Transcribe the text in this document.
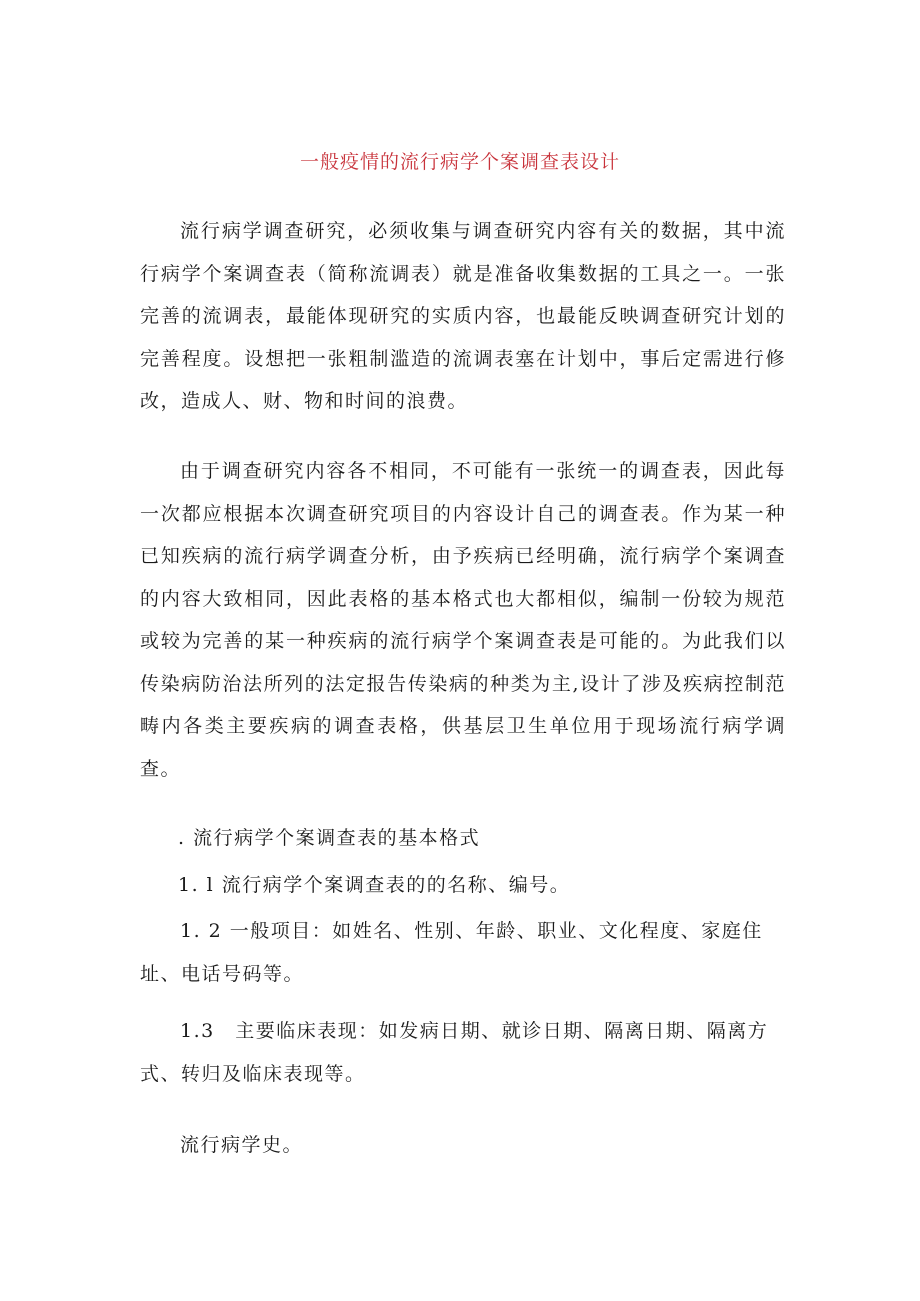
一般疫情的流行病学个案调查表设计

流行病学调查研究，必须收集与调查研究内容有关的数据，其中流行病学个案调查表（简称流调表）就是准备收集数据的工具之一。一张完善的流调表，最能体现研究的实质内容，也最能反映调查研究计划的完善程度。设想把一张粗制滥造的流调表塞在计划中，事后定需进行修改，造成人、财、物和时间的浪费。

由于调查研究内容各不相同，不可能有一张统一的调查表，因此每一次都应根据本次调查研究项目的内容设计自己的调查表。作为某一种已知疾病的流行病学调查分析，由予疾病已经明确，流行病学个案调查的内容大致相同，因此表格的基本格式也大都相似，编制一份较为规范或较为完善的某一种疾病的流行病学个案调查表是可能的。为此我们以传染病防治法所列的法定报告传染病的种类为主,设计了涉及疾病控制范畴内各类主要疾病的调查表格，供基层卫生单位用于现场流行病学调查。

. 流行病学个案调查表的基本格式

1. l 流行病学个案调查表的的名称、编号。

1. 2 一般项目：如姓名、性别、年龄、职业、文化程度、家庭住址、电话号码等。

1.3　主要临床表现：如发病日期、就诊日期、隔离日期、隔离方式、转归及临床表现等。

流行病学史。
